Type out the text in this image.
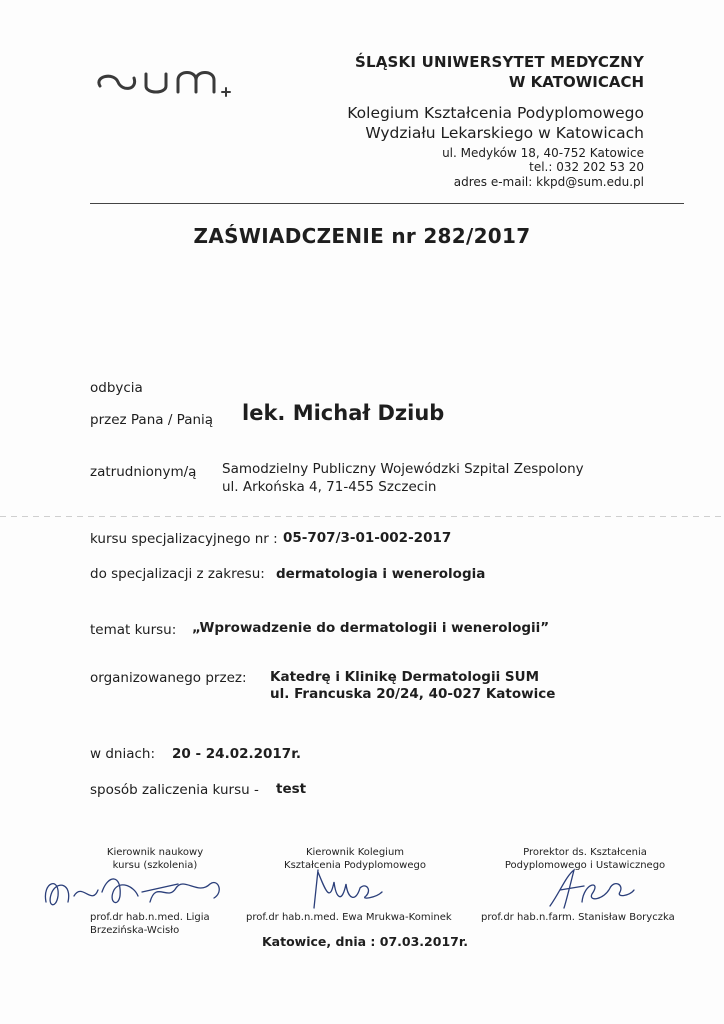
ŚLĄSKI UNIWERSYTET MEDYCZNY
W KATOWICACH
Kolegium Kształcenia Podyplomowego
Wydziału Lekarskiego w Katowicach
ul. Medyków 18, 40-752 Katowice
tel.: 032 202 53 20
adres e-mail: kkpd@sum.edu.pl
ZAŚWIADCZENIE nr 282/2017
odbycia
przez Pana / Panią lek. Michał Dziub
zatrudnionym/ą Samodzielny Publiczny Wojewódzki Szpital Zespolony
ul. Arkońska 4, 71-455 Szczecin
kursu specjalizacyjnego nr : 05-707/3-01-002-2017
do specjalizacji z zakresu: dermatologia i wenerologia
temat kursu: „Wprowadzenie do dermatologii i wenerologii”
organizowanego przez: Katedrę i Klinikę Dermatologii SUM
ul. Francuska 20/24, 40-027 Katowice
w dniach: 20 - 24.02.2017r.
sposób zaliczenia kursu - test
Kierownik naukowy
kursu (szkolenia)
prof.dr hab.n.med. Ligia
Brzezińska-Wcisło
Kierownik Kolegium
Kształcenia Podyplomowego
prof.dr hab.n.med. Ewa Mrukwa-Kominek
Prorektor ds. Kształcenia
Podyplomowego i Ustawicznego
prof.dr hab.n.farm. Stanisław Boryczka
Katowice, dnia : 07.03.2017r.
